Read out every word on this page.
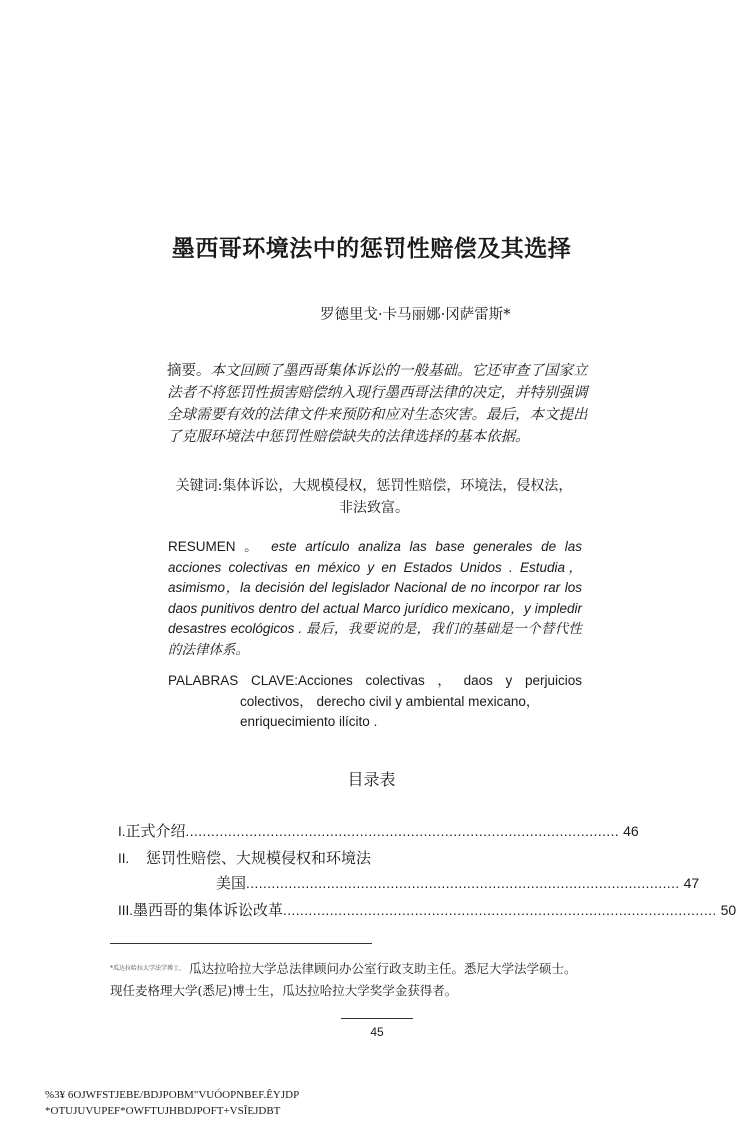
墨西哥环境法中的惩罚性赔偿及其选择
罗德里戈·卡马丽娜·冈萨雷斯*
摘要。本文回顾了墨西哥集体诉讼的一般基础。它还审查了国家立法者不将惩罚性损害赔偿纳入现行墨西哥法律的决定，并特别强调全球需要有效的法律文件来预防和应对生态灾害。最后，本文提出了克服环境法中惩罚性赔偿缺失的法律选择的基本依据。
关键词:集体诉讼，大规模侵权，惩罚性赔偿，环境法，侵权法，
非法致富。
RESUMEN 。 este artículo analiza las base generales de las acciones colectivas en méxico y en Estados Unidos . Estudia，asimismo，la decisión del legislador Nacional de no incorpor rar los daos punitivos dentro del actual Marco jurídico mexicano，y impledir desastres ecológicos . 最后，我要说的是，我们的基础是一个替代性的法律体系。
PALABRAS CLAVE:Acciones colectivas ， daos y perjuicios
colectivos， derecho civil y ambiental mexicano，
enriquecimiento ilícito .
目录表
I. 正式介绍 ...................................................................................................... 46
II.	惩罚性赔偿、大规模侵权和环境法
美国 ...................................................................................................... 47
III. 墨西哥的集体诉讼改革 ...................................................................................................... 50
$^{*瓜达拉哈拉大学法学博士,}$ 瓜达拉哈拉大学总法律顾问办公室行政支助主任。悉尼大学法学硕士。
现任麦格理大学(悉尼)博士生，瓜达拉哈拉大学奖学金获得者。
45
%3¥ 6OJWFSTJEBE/BDJPOBM"VUÓOPNBEF.ÊYJDP
*OTUJUVUPEF*OWFTUJHBDJPOFT+VSÎEJDBT
